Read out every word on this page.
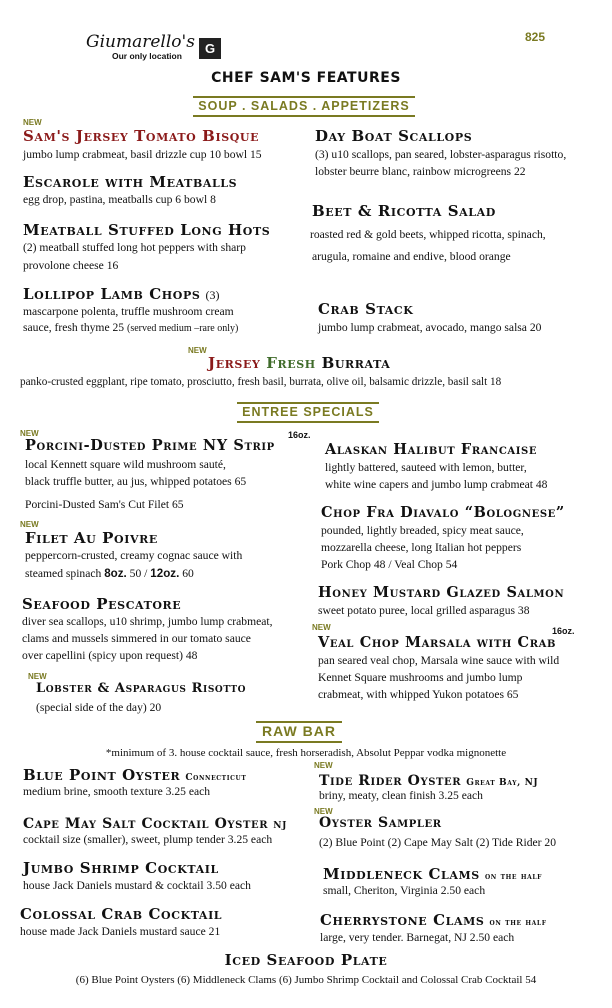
Giumarello's
Our only location	G
825
CHEF SAM'S FEATURES
SOUP . SALADS . APPETIZERS
NEW
Sam's Jersey Tomato Bisque
jumbo lump crabmeat, basil drizzle cup 10 bowl 15
Escarole with Meatballs
egg drop, pastina, meatballs cup 6 bowl 8
Meatball Stuffed Long Hots
(2) meatball stuffed long hot peppers with sharp
provolone cheese 16
Lollipop Lamb Chops (3)
mascarpone polenta, truffle mushroom cream
sauce, fresh thyme 25 (served medium –rare only)
Day Boat Scallops
(3) u10 scallops, pan seared, lobster-asparagus risotto,
lobster beurre blanc, rainbow microgreens 22
Beet & Ricotta Salad
roasted red & gold beets, whipped ricotta, spinach,
arugula, romaine and endive, blood orange
Crab Stack
jumbo lump crabmeat, avocado, mango salsa 20
NEW
Jersey Fresh Burrata
panko-crusted eggplant, ripe tomato, prosciutto, fresh basil, burrata, olive oil, balsamic drizzle, basil salt 18
ENTREE SPECIALS
NEW	16oz.
Porcini-Dusted Prime NY Strip
local Kennett square wild mushroom sauté,
black truffle butter, au jus, whipped potatoes 65
Porcini-Dusted Sam's Cut Filet 65
NEW
Filet Au Poivre
peppercorn-crusted, creamy cognac sauce with
steamed spinach 8oz. 50 / 12oz. 60
Seafood Pescatore
diver sea scallops, u10 shrimp, jumbo lump crabmeat,
clams and mussels simmered in our tomato sauce
over capellini (spicy upon request) 48
NEW
Lobster & Asparagus Risotto
(special side of the day) 20
Alaskan Halibut Francaise
lightly battered, sauteed with lemon, butter,
white wine capers and jumbo lump crabmeat 48
Chop Fra Diavalo “Bolognese”
pounded, lightly breaded, spicy meat sauce,
mozzarella cheese, long Italian hot peppers
Pork Chop 48 / Veal Chop 54
Honey Mustard Glazed Salmon
sweet potato puree, local grilled asparagus 38
NEW	16oz.
Veal Chop Marsala with Crab
pan seared veal chop, Marsala wine sauce with wild
Kennet Square mushrooms and jumbo lump
crabmeat, with whipped Yukon potatoes 65
RAW BAR
*minimum of 3. house cocktail sauce, fresh horseradish, Absolut Peppar vodka mignonette
Blue Point Oyster Connecticut
medium brine, smooth texture 3.25 each
Cape May Salt Cocktail Oyster NJ
cocktail size (smaller), sweet, plump tender 3.25 each
Jumbo Shrimp Cocktail
house Jack Daniels mustard & cocktail 3.50 each
Colossal Crab Cocktail
house made Jack Daniels mustard sauce 21
NEW
Tide Rider Oyster Great Bay, NJ
briny, meaty, clean finish 3.25 each
NEW
Oyster Sampler
(2) Blue Point (2) Cape May Salt (2) Tide Rider 20
Middleneck Clams on the half
small, Cheriton, Virginia 2.50 each
Cherrystone Clams on the half
large, very tender. Barnegat, NJ 2.50 each
Iced Seafood Plate
(6) Blue Point Oysters (6) Middleneck Clams (6) Jumbo Shrimp Cocktail and Colossal Crab Cocktail 54
